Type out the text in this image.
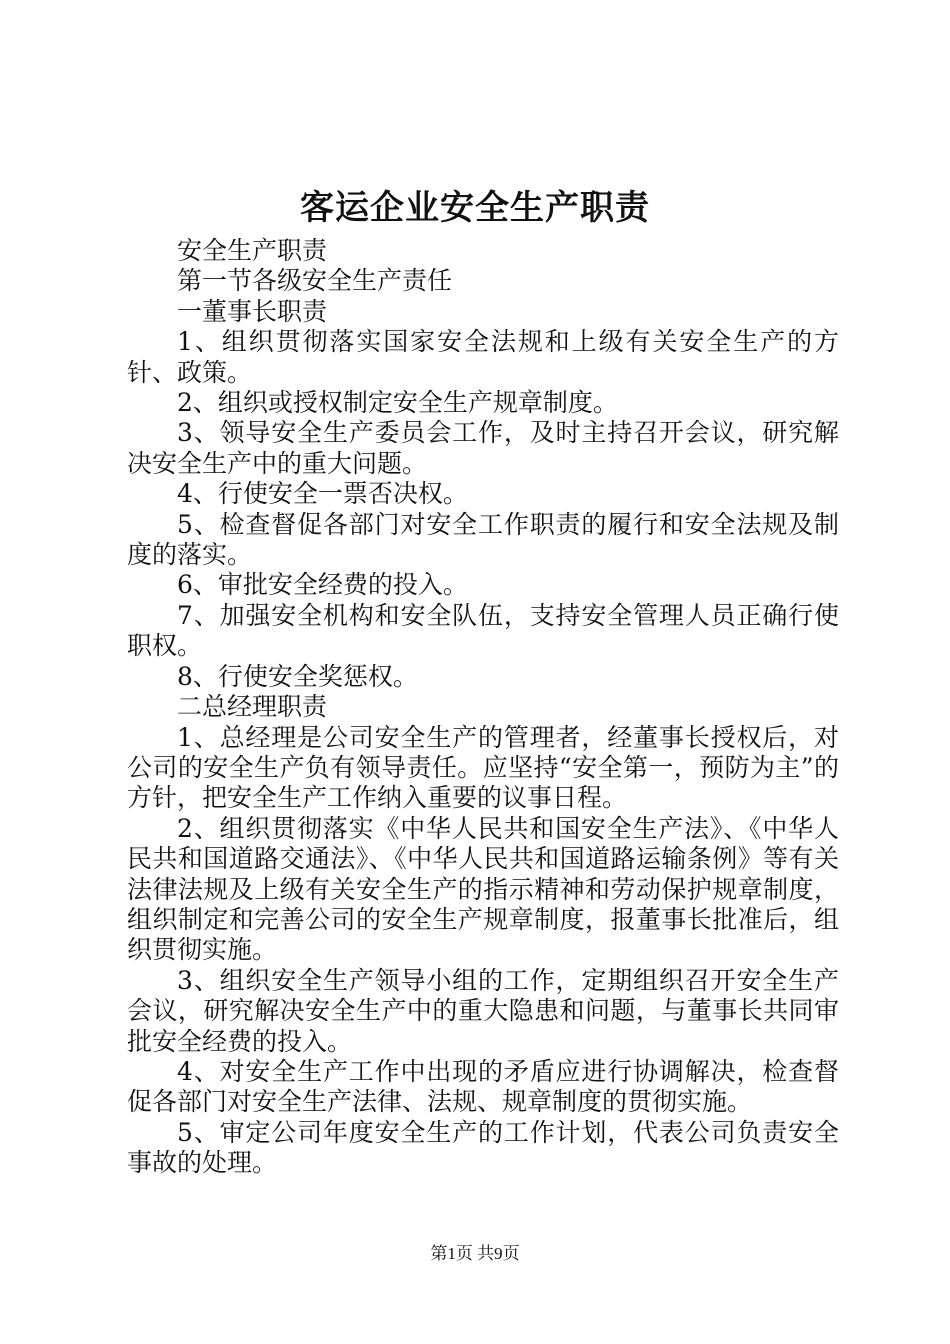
客运企业安全生产职责

安全生产职责

第一节各级安全生产责任

一董事长职责

1、组织贯彻落实国家安全法规和上级有关安全生产的方针、政策。

2、组织或授权制定安全生产规章制度。

3、领导安全生产委员会工作，及时主持召开会议，研究解决安全生产中的重大问题。

4、行使安全一票否决权。

5、检查督促各部门对安全工作职责的履行和安全法规及制度的落实。

6、审批安全经费的投入。

7、加强安全机构和安全队伍，支持安全管理人员正确行使职权。

8、行使安全奖惩权。

二总经理职责

1、总经理是公司安全生产的管理者，经董事长授权后，对公司的安全生产负有领导责任。应坚持“安全第一，预防为主”的方针，把安全生产工作纳入重要的议事日程。

2、组织贯彻落实《中华人民共和国安全生产法》、《中华人民共和国道路交通法》、《中华人民共和国道路运输条例》等有关法律法规及上级有关安全生产的指示精神和劳动保护规章制度，组织制定和完善公司的安全生产规章制度，报董事长批准后，组织贯彻实施。

3、组织安全生产领导小组的工作，定期组织召开安全生产会议，研究解决安全生产中的重大隐患和问题，与董事长共同审批安全经费的投入。

4、对安全生产工作中出现的矛盾应进行协调解决，检查督促各部门对安全生产法律、法规、规章制度的贯彻实施。

5、审定公司年度安全生产的工作计划，代表公司负责安全事故的处理。

第1页 共9页
